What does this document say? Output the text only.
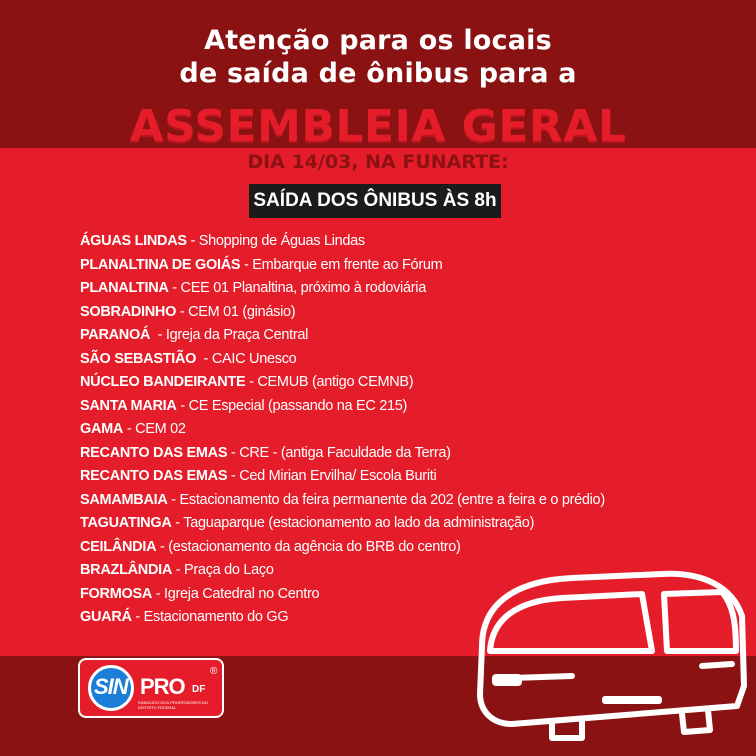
Atenção para os locais
de saída de ônibus para a
ASSEMBLEIA GERAL
DIA 14/03, NA FUNARTE:
SAÍDA DOS ÔNIBUS ÀS 8h
ÁGUAS LINDAS - Shopping de Águas Lindas
PLANALTINA DE GOIÁS - Embarque em frente ao Fórum
PLANALTINA - CEE 01 Planaltina, próximo à rodoviária
SOBRADINHO - CEM 01 (ginásio)
PARANOÁ  - Igreja da Praça Central
SÃO SEBASTIÃO  - CAIC Unesco
NÚCLEO BANDEIRANTE - CEMUB (antigo CEMNB)
SANTA MARIA - CE Especial (passando na EC 215)
GAMA - CEM 02
RECANTO DAS EMAS - CRE - (antiga Faculdade da Terra)
RECANTO DAS EMAS - Ced Mirian Ervilha/ Escola Buriti
SAMAMBAIA - Estacionamento da feira permanente da 202 (entre a feira e o prédio)
TAGUATINGA - Taguaparque (estacionamento ao lado da administração)
CEILÂNDIA - (estacionamento da agência do BRB do centro)
BRAZLÂNDIA - Praça do Laço
FORMOSA - Igreja Catedral no Centro
GUARÁ - Estacionamento do GG
SIN PRO DF
®
SINDICATO DOS PROFESSORES NO DISTRITO FEDERAL
